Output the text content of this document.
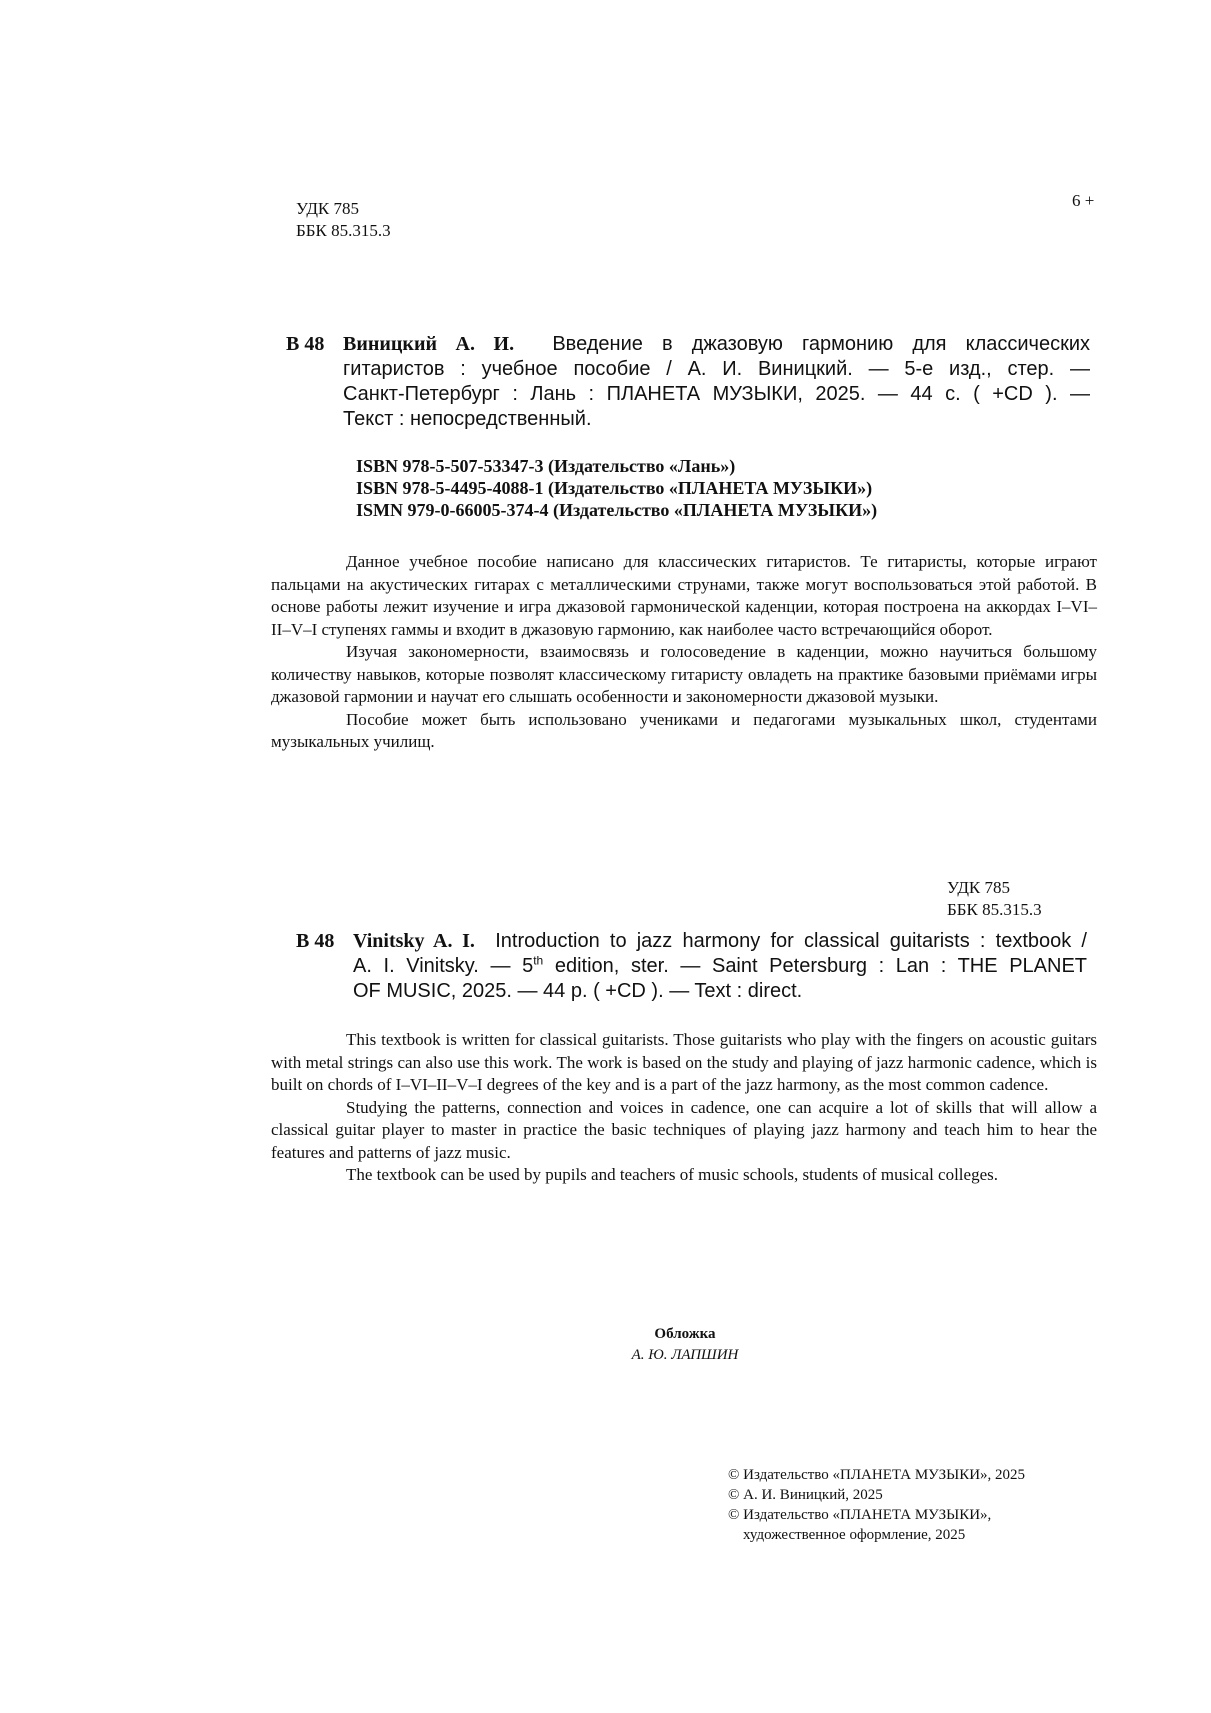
УДК 785
ББК 85.315.3
6 +
В 48 Виницкий А. И. Введение в джазовую гармонию для классических
гитаристов : учебное пособие / А. И. Виницкий. — 5-е изд., стер. —
Санкт-Петербург : Лань : ПЛАНЕТА МУЗЫКИ, 2025. — 44 с. ( +CD ). —
Текст : непосредственный.
ISBN 978-5-507-53347-3 (Издательство «Лань»)
ISBN 978-5-4495-4088-1 (Издательство «ПЛАНЕТА МУЗЫКИ»)
ISMN 979-0-66005-374-4 (Издательство «ПЛАНЕТА МУЗЫКИ»)

Данное учебное пособие написано для классических гитаристов. Те гитаристы, которые играют пальцами на акустических гитарах с металлическими струнами, также могут воспользоваться этой работой. В основе работы лежит изучение и игра джазовой гармонической каденции, которая построена на аккордах I–VI–II–V–I ступенях гаммы и входит в джазовую гармонию, как наиболее часто встречающийся оборот.

Изучая закономерности, взаимосвязь и голосоведение в каденции, можно научиться большому количеству навыков, которые позволят классическому гитаристу овладеть на практике базовыми приёмами игры джазовой гармонии и научат его слышать особенности и закономерности джазовой музыки.

Пособие может быть использовано учениками и педагогами музыкальных школ, студентами музыкальных училищ.

УДК 785
ББК 85.315.3
В 48 Vinitsky A. I. Introduction to jazz harmony for classical guitarists : textbook /
A. I. Vinitsky. — 5th edition, ster. — Saint Petersburg : Lan : THE PLANET
OF MUSIC, 2025. — 44 p. ( +CD ). — Text : direct.

This textbook is written for classical guitarists. Those guitarists who play with the fingers on acoustic guitars with metal strings can also use this work. The work is based on the study and playing of jazz harmonic cadence, which is built on chords of I–VI–II–V–I degrees of the key and is a part of the jazz harmony, as the most common cadence.

Studying the patterns, connection and voices in cadence, one can acquire a lot of skills that will allow a classical guitar player to master in practice the basic techniques of playing jazz harmony and teach him to hear the features and patterns of jazz music.

The textbook can be used by pupils and teachers of music schools, students of musical colleges.

Обложка
А. Ю. ЛАПШИН
© Издательство «ПЛАНЕТА МУЗЫКИ», 2025
© А. И. Виницкий, 2025
© Издательство «ПЛАНЕТА МУЗЫКИ»,
художественное оформление, 2025
